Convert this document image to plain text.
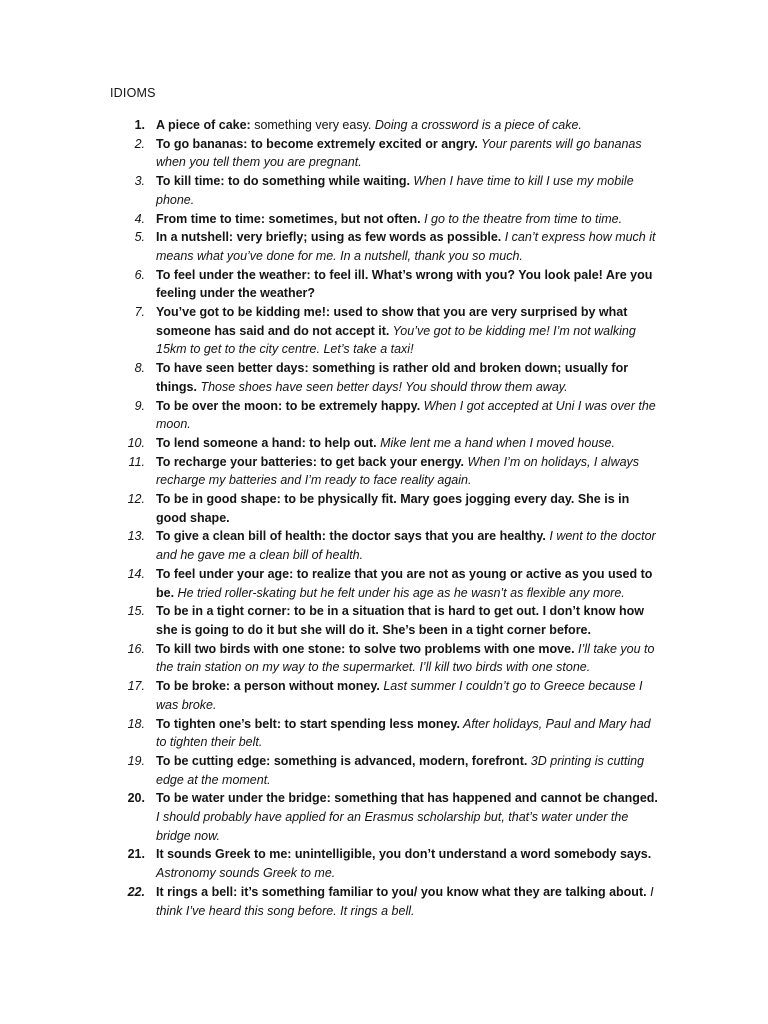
IDIOMS
1. A piece of cake: something very easy. Doing a crossword is a piece of cake.
2. To go bananas: to become extremely excited or angry. Your parents will go bananas when you tell them you are pregnant.
3. To kill time: to do something while waiting. When I have time to kill I use my mobile phone.
4. From time to time: sometimes, but not often. I go to the theatre from time to time.
5. In a nutshell: very briefly; using as few words as possible. I can’t express how much it means what you’ve done for me. In a nutshell, thank you so much.
6. To feel under the weather: to feel ill. What’s wrong with you? You look pale! Are you feeling under the weather?
7. You’ve got to be kidding me!: used to show that you are very surprised by what someone has said and do not accept it. You’ve got to be kidding me! I’m not walking 15km to get to the city centre. Let’s take a taxi!
8. To have seen better days: something is rather old and broken down; usually for things. Those shoes have seen better days! You should throw them away.
9. To be over the moon: to be extremely happy. When I got accepted at Uni I was over the moon.
10. To lend someone a hand: to help out. Mike lent me a hand when I moved house.
11. To recharge your batteries: to get back your energy. When I’m on holidays, I always recharge my batteries and I’m ready to face reality again.
12. To be in good shape: to be physically fit. Mary goes jogging every day. She is in good shape.
13. To give a clean bill of health: the doctor says that you are healthy. I went to the doctor and he gave me a clean bill of health.
14. To feel under your age: to realize that you are not as young or active as you used to be. He tried roller-skating but he felt under his age as he wasn’t as flexible any more.
15. To be in a tight corner: to be in a situation that is hard to get out. I don’t know how she is going to do it but she will do it. She’s been in a tight corner before.
16. To kill two birds with one stone: to solve two problems with one move. I’ll take you to the train station on my way to the supermarket. I’ll kill two birds with one stone.
17. To be broke: a person without money. Last summer I couldn’t go to Greece because I was broke.
18. To tighten one’s belt: to start spending less money. After holidays, Paul and Mary had to tighten their belt.
19. To be cutting edge: something is advanced, modern, forefront. 3D printing is cutting edge at the moment.
20. To be water under the bridge: something that has happened and cannot be changed. I should probably have applied for an Erasmus scholarship but, that’s water under the bridge now.
21. It sounds Greek to me: unintelligible, you don’t understand a word somebody says. Astronomy sounds Greek to me.
22. It rings a bell: it’s something familiar to you/ you know what they are talking about. I think I’ve heard this song before. It rings a bell.
